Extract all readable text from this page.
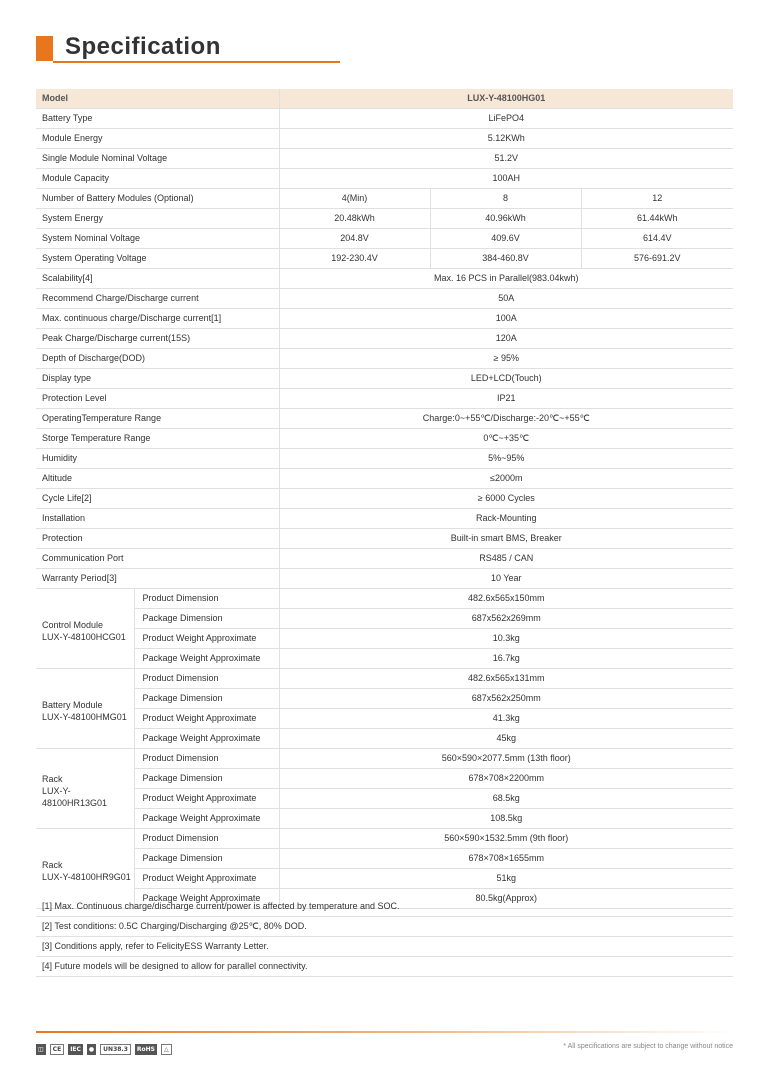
Specification
Model		LUX-Y-48100HG01		
Battery Type		LiFePO4		
Module Energy		5.12KWh		
Single Module Nominal Voltage		51.2V		
Module Capacity		100AH		
Number of Battery Modules (Optional)		4(Min)	8	12
System Energy		20.48kWh	40.96kWh	61.44kWh
System Nominal Voltage		204.8V	409.6V	614.4V
System Operating Voltage		192-230.4V	384-460.8V	576-691.2V
Scalability[4]		Max. 16 PCS in Parallel(983.04kwh)		
Recommend Charge/Discharge current		50A		
Max. continuous charge/Discharge current[1]		100A		
Peak Charge/Discharge current(15S)		120A		
Depth of Discharge(DOD)		≥ 95%		
Display type		LED+LCD(Touch)		
Protection Level		IP21		
OperatingTemperature Range		Charge:0~+55℃/Discharge:-20℃~+55℃		
Storge Temperature Range		0℃~+35℃		
Humidity		5%~95%		
Altitude		≤2000m		
Cycle Life[2]		≥ 6000 Cycles		
Installation		Rack-Mounting		
Protection		Built-in smart BMS, Breaker		
Communication Port		RS485 / CAN		
Warranty Period[3]		10 Year		

Control Module
LUX-Y-48100HCG01	Product Dimension	482.6x565x150mm		
	Package Dimension	687x562x269mm		
	Product Weight Approximate	10.3kg		
	Package Weight Approximate	16.7kg		

Battery Module
LUX-Y-48100HMG01	Product Dimension	482.6x565x131mm		
	Package Dimension	687x562x250mm		
	Product Weight Approximate	41.3kg		
	Package Weight Approximate	45kg		

Rack
LUX-Y-48100HR13G01	Product Dimension	560×590×2077.5mm (13th floor)		
	Package Dimension	678×708×2200mm		
	Product Weight Approximate	68.5kg		
	Package Weight Approximate	108.5kg		

Rack
LUX-Y-48100HR9G01	Product Dimension	560×590×1532.5mm (9th floor)		
	Package Dimension	678×708×1655mm		
	Product Weight Approximate	51kg		
	Package Weight Approximate	80.5kg(Approx)		
[1] Max. Continuous charge/discharge current/power is affected by temperature and SOC.
[2] Test conditions: 0.5C Charging/Discharging @25℃, 80% DOD.
[3] Conditions apply, refer to FelicityESS Warranty Letter.
[4] Future models will be designed to allow for parallel connectivity.
◫	CE	IEC	●	UN38.3	RoHS	△	* All specifications are subject to change without notice
